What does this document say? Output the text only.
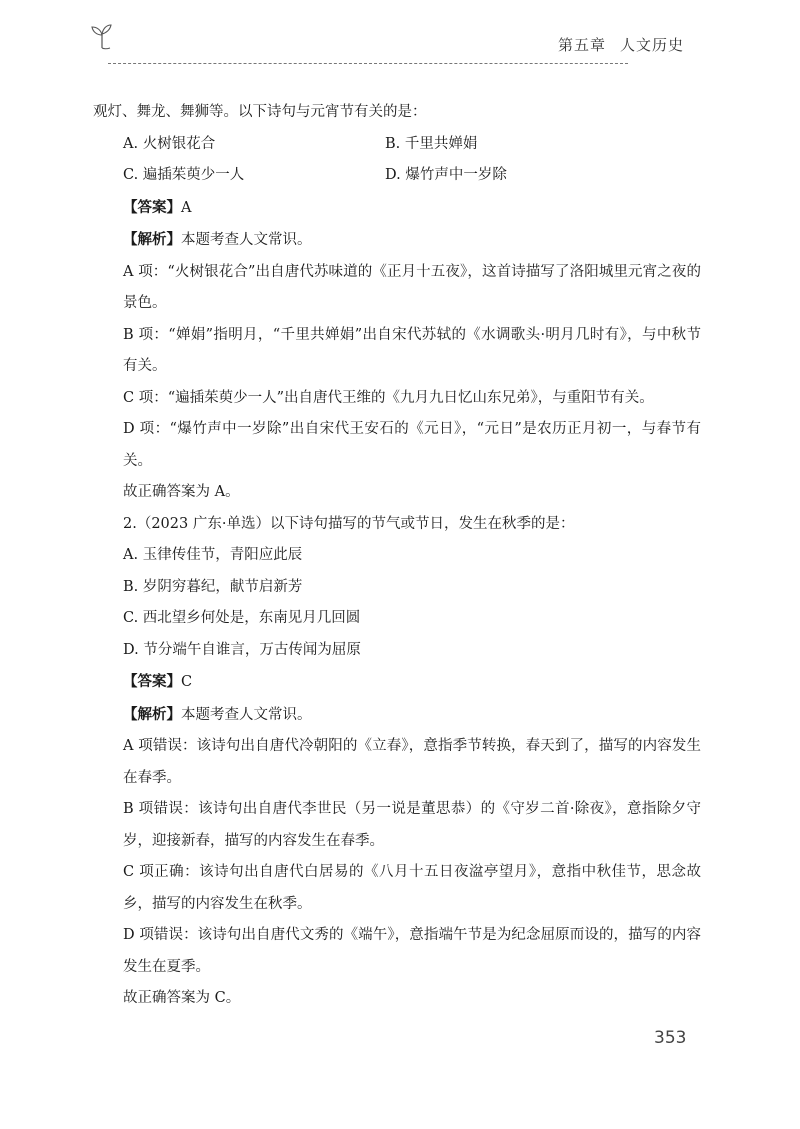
第五章 人文历史

观灯、舞龙、舞狮等。以下诗句与元宵节有关的是：

A. 火树银花合	B. 千里共婵娟
C. 遍插茱萸少一人	D. 爆竹声中一岁除

【答案】A

【解析】本题考查人文常识。

A 项：“火树银花合”出自唐代苏味道的《正月十五夜》，这首诗描写了洛阳城里元宵之夜的景色。

B 项：“婵娟”指明月，“千里共婵娟”出自宋代苏轼的《水调歌头·明月几时有》，与中秋节有关。

C 项：“遍插茱萸少一人”出自唐代王维的《九月九日忆山东兄弟》，与重阳节有关。

D 项：“爆竹声中一岁除”出自宋代王安石的《元日》，“元日”是农历正月初一，与春节有关。

故正确答案为 A。

2.（2023 广东·单选）以下诗句描写的节气或节日，发生在秋季的是：

A. 玉律传佳节，青阳应此辰

B. 岁阴穷暮纪，献节启新芳

C. 西北望乡何处是，东南见月几回圆

D. 节分端午自谁言，万古传闻为屈原

【答案】C

【解析】本题考查人文常识。

A 项错误：该诗句出自唐代冷朝阳的《立春》，意指季节转换，春天到了，描写的内容发生在春季。

B 项错误：该诗句出自唐代李世民（另一说是董思恭）的《守岁二首·除夜》，意指除夕守岁，迎接新春，描写的内容发生在春季。

C 项正确：该诗句出自唐代白居易的《八月十五日夜湓亭望月》，意指中秋佳节，思念故乡，描写的内容发生在秋季。

D 项错误：该诗句出自唐代文秀的《端午》，意指端午节是为纪念屈原而设的，描写的内容发生在夏季。

故正确答案为 C。

353
